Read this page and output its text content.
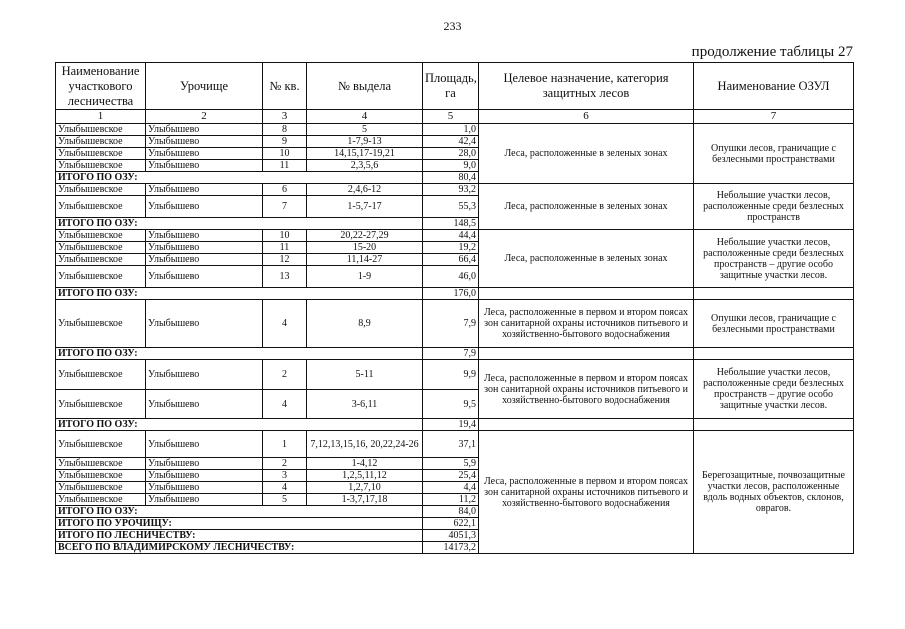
233
продолжение таблицы 27
Наименование участкового лесничества	Урочище	№ кв.	№ выдела	Площадь, га	Целевое назначение, категория защитных лесов	Наименование ОЗУЛ
1	2	3	4	5	6	7
Улыбышевское	Улыбышево	8	5	1,0	Леса, расположенные в зеленых зонах	Опушки лесов, граничащие с безлесными пространствами
Улыбышевское	Улыбышево	9	1-7,9-13	42,4		
Улыбышевское	Улыбышево	10	14,15,17-19,21	28,0		
Улыбышевское	Улыбышево	11	2,3,5,6	9,0		
ИТОГО ПО ОЗУ:				80,4		
Улыбышевское	Улыбышево	6	2,4,6-12	93,2	Леса, расположенные в зеленых зонах	Небольшие участки лесов, расположенные среди безлесных пространств
Улыбышевское	Улыбышево	7	1-5,7-17	55,3		
ИТОГО ПО ОЗУ:				148,5		
Улыбышевское	Улыбышево	10	20,22-27,29	44,4	Леса, расположенные в зеленых зонах	Небольшие участки лесов, расположенные среди безлесных пространств – другие особо защитные участки лесов.
Улыбышевское	Улыбышево	11	15-20	19,2		
Улыбышевское	Улыбышево	12	11,14-27	66,4		
Улыбышевское	Улыбышево	13	1-9	46,0		
ИТОГО ПО ОЗУ:				176,0		
Улыбышевское	Улыбышево	4	8,9	7,9	Леса, расположенные в первом и втором поясах зон санитарной охраны источников питьевого и хозяйственно-бытового водоснабжения	Опушки лесов, граничащие с безлесными пространствами
ИТОГО ПО ОЗУ:				7,9		
Улыбышевское	Улыбышево	2	5-11	9,9	Леса, расположенные в первом и втором поясах зон санитарной охраны источников питьевого и хозяйственно-бытового водоснабжения	Небольшие участки лесов, расположенные среди безлесных пространств – другие особо защитные участки лесов.
Улыбышевское	Улыбышево	4	3-6,11	9,5		
ИТОГО ПО ОЗУ:				19,4		
Улыбышевское	Улыбышево	1	7,12,13,15,16, 20,22,24-26	37,1	Леса, расположенные в первом и втором поясах зон санитарной охраны источников питьевого и хозяйственно-бытового водоснабжения	Берегозащитные, почвозащитные участки лесов, расположенные вдоль водных объектов, склонов, оврагов.
Улыбышевское	Улыбышево	2	1-4,12	5,9		
Улыбышевское	Улыбышево	3	1,2,5,11,12	25,4		
Улыбышевское	Улыбышево	4	1,2,7,10	4,4		
Улыбышевское	Улыбышево	5	1-3,7,17,18	11,2		
ИТОГО ПО ОЗУ:				84,0		
ИТОГО ПО УРОЧИЩУ:				622,1		
ИТОГО ПО ЛЕСНИЧЕСТВУ:				4051,3		
ВСЕГО ПО ВЛАДИМИРСКОМУ ЛЕСНИЧЕСТВУ:				14173,2		
